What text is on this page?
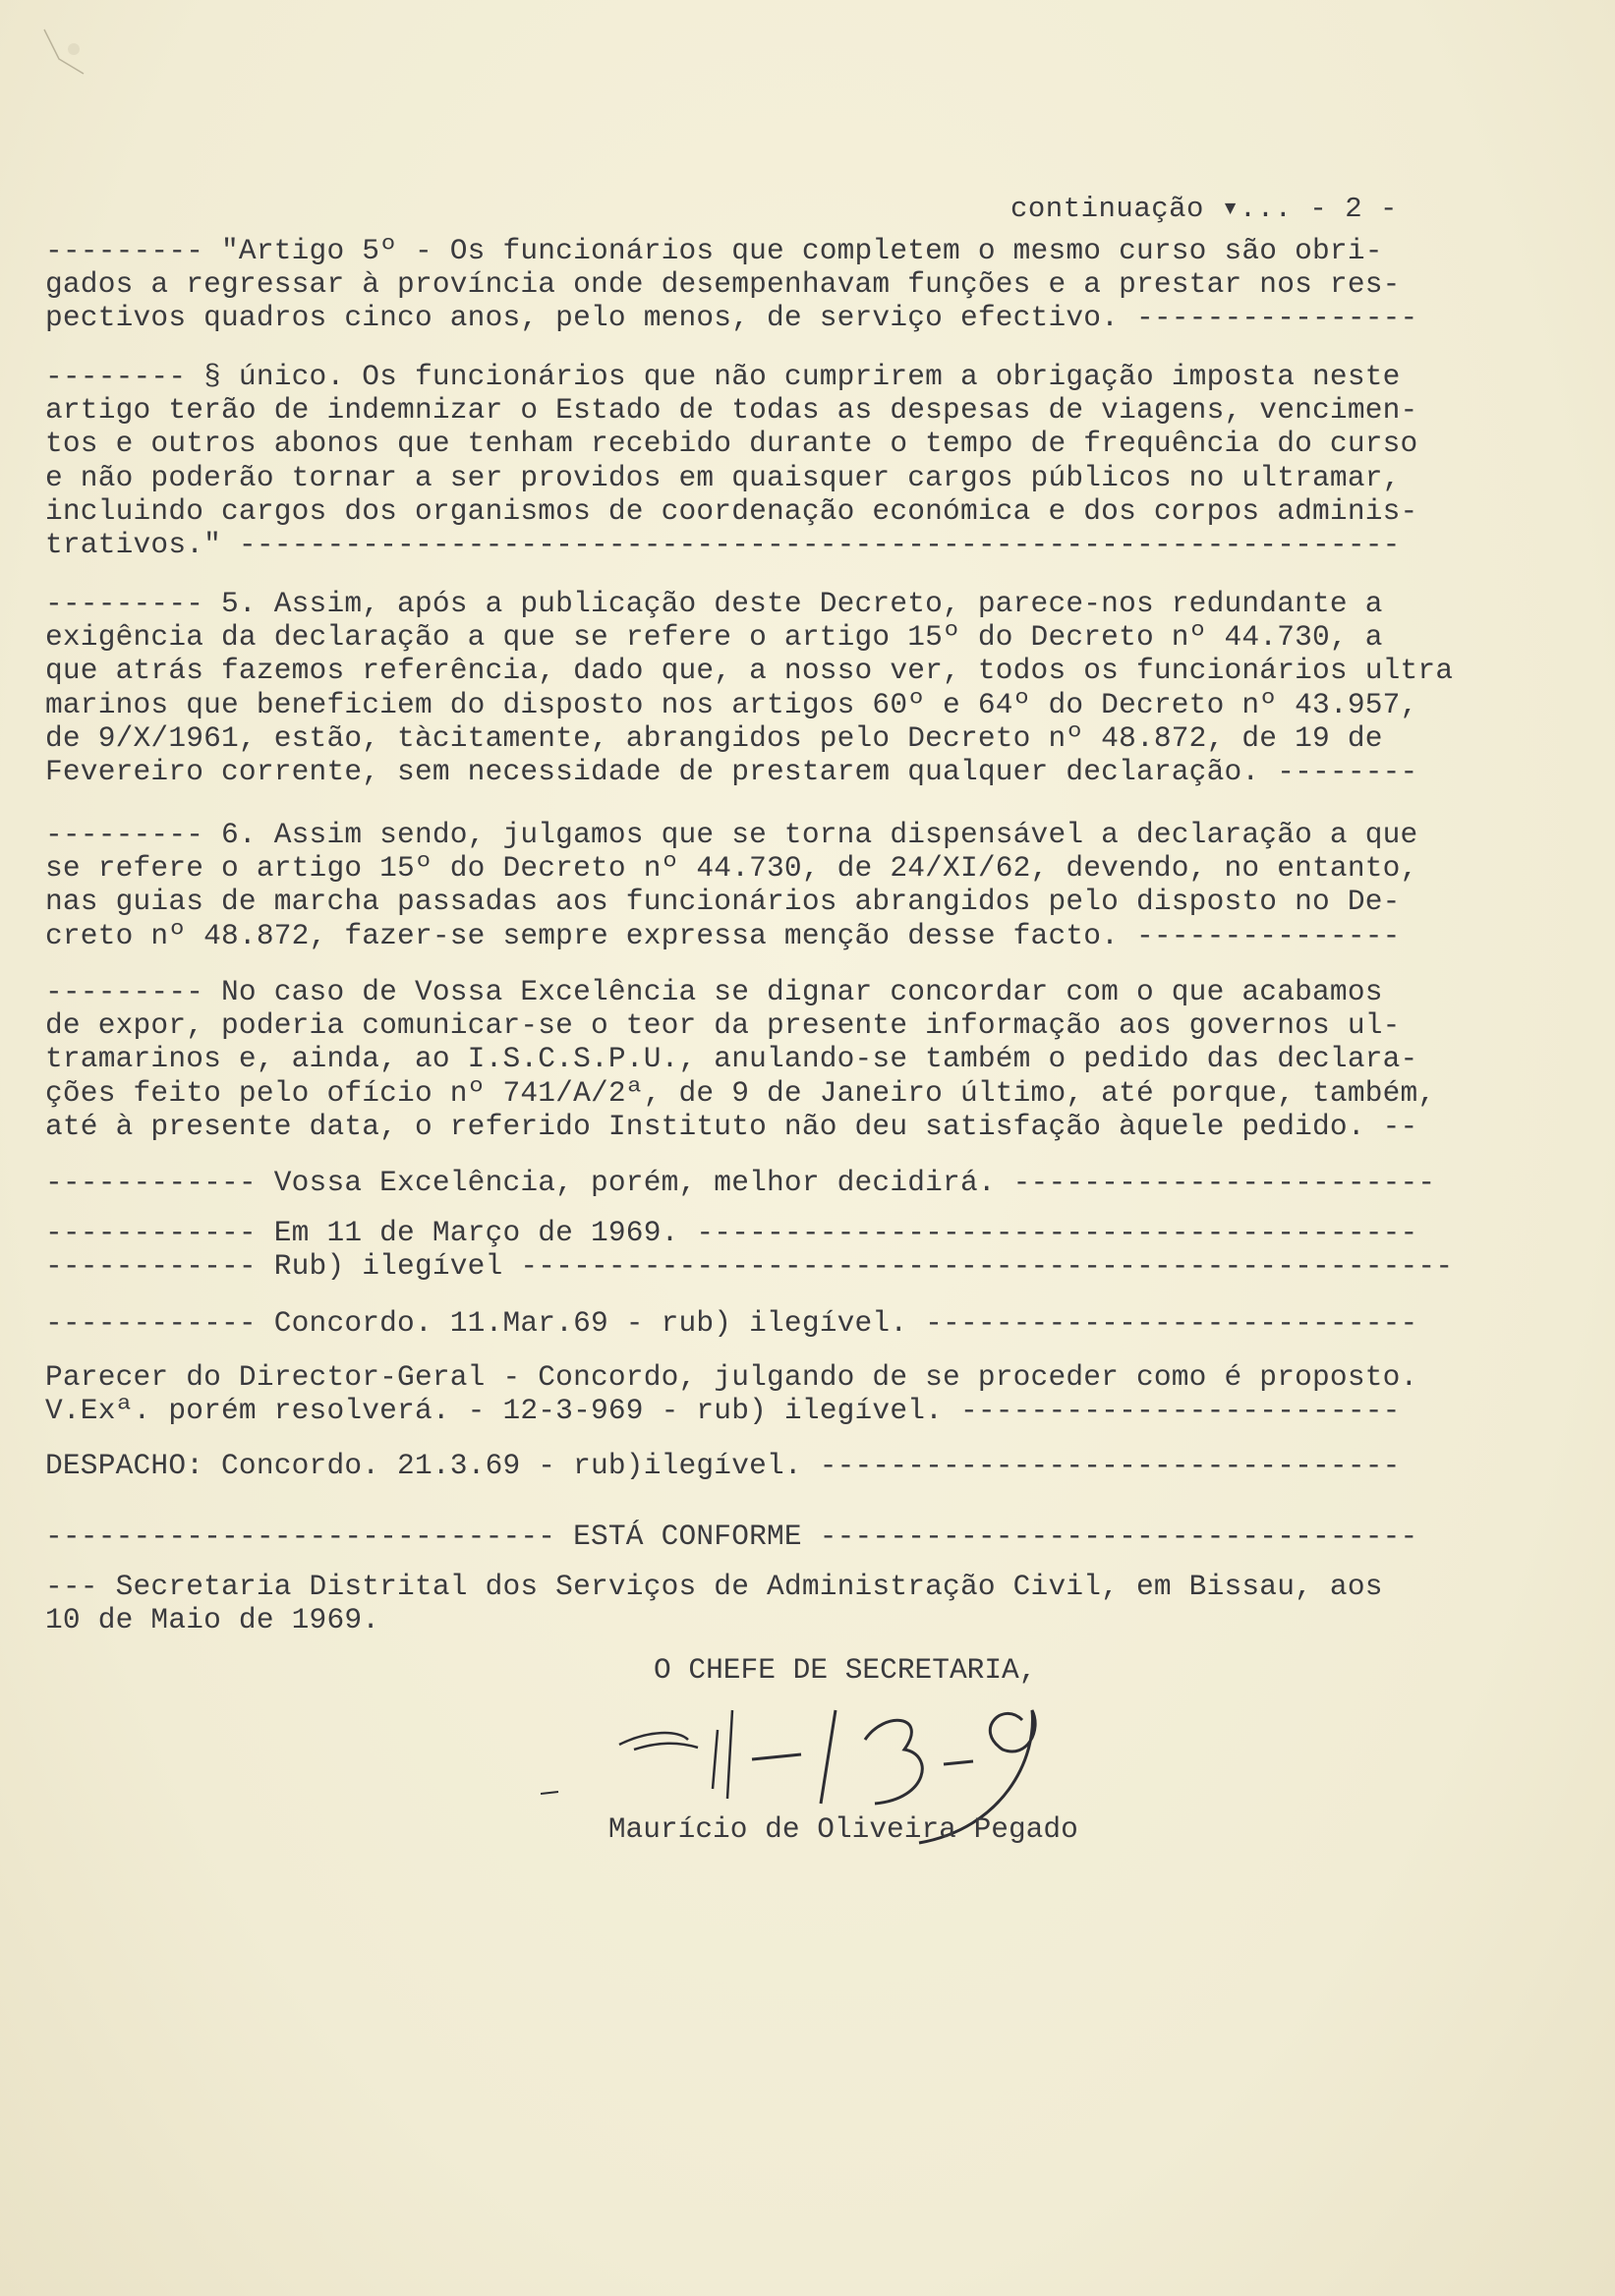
continuação ▾... - 2 -
--------- "Artigo 5º - Os funcionários que completem o mesmo curso são obri-
gados a regressar à província onde desempenhavam funções e a prestar nos res-
pectivos quadros cinco anos, pelo menos, de serviço efectivo. ----------------
-------- § único. Os funcionários que não cumprirem a obrigação imposta neste
artigo terão de indemnizar o Estado de todas as despesas de viagens, vencimen-
tos e outros abonos que tenham recebido durante o tempo de frequência do curso
e não poderão tornar a ser providos em quaisquer cargos públicos no ultramar,
incluindo cargos dos organismos de coordenação económica e dos corpos adminis-
trativos." ------------------------------------------------------------------
--------- 5. Assim, após a publicação deste Decreto, parece-nos redundante a
exigência da declaração a que se refere o artigo 15º do Decreto nº 44.730, a
que atrás fazemos referência, dado que, a nosso ver, todos os funcionários ultra
marinos que beneficiem do disposto nos artigos 60º e 64º do Decreto nº 43.957,
de 9/X/1961, estão, tàcitamente, abrangidos pelo Decreto nº 48.872, de 19 de
Fevereiro corrente, sem necessidade de prestarem qualquer declaração. --------
--------- 6. Assim sendo, julgamos que se torna dispensável a declaração a que
se refere o artigo 15º do Decreto nº 44.730, de 24/XI/62, devendo, no entanto,
nas guias de marcha passadas aos funcionários abrangidos pelo disposto no De-
creto nº 48.872, fazer-se sempre expressa menção desse facto. ---------------
--------- No caso de Vossa Excelência se dignar concordar com o que acabamos
de expor, poderia comunicar-se o teor da presente informação aos governos ul-
tramarinos e, ainda, ao I.S.C.S.P.U., anulando-se também o pedido das declara-
ções feito pelo ofício nº 741/A/2ª, de 9 de Janeiro último, até porque, também,
até à presente data, o referido Instituto não deu satisfação àquele pedido. --
------------ Vossa Excelência, porém, melhor decidirá. ------------------------
------------ Em 11 de Março de 1969. -----------------------------------------
------------ Rub) ilegível -----------------------------------------------------
------------ Concordo. 11.Mar.69 - rub) ilegível. ----------------------------
Parecer do Director-Geral - Concordo, julgando de se proceder como é proposto.
V.Exª. porém resolverá. - 12-3-969 - rub) ilegível. -------------------------
DESPACHO: Concordo. 21.3.69 - rub)ilegível. ---------------------------------
----------------------------- ESTÁ CONFORME ----------------------------------
--- Secretaria Distrital dos Serviços de Administração Civil, em Bissau, aos
10 de Maio de 1969.
O CHEFE DE SECRETARIA,

Maurício de Oliveira Pegado
